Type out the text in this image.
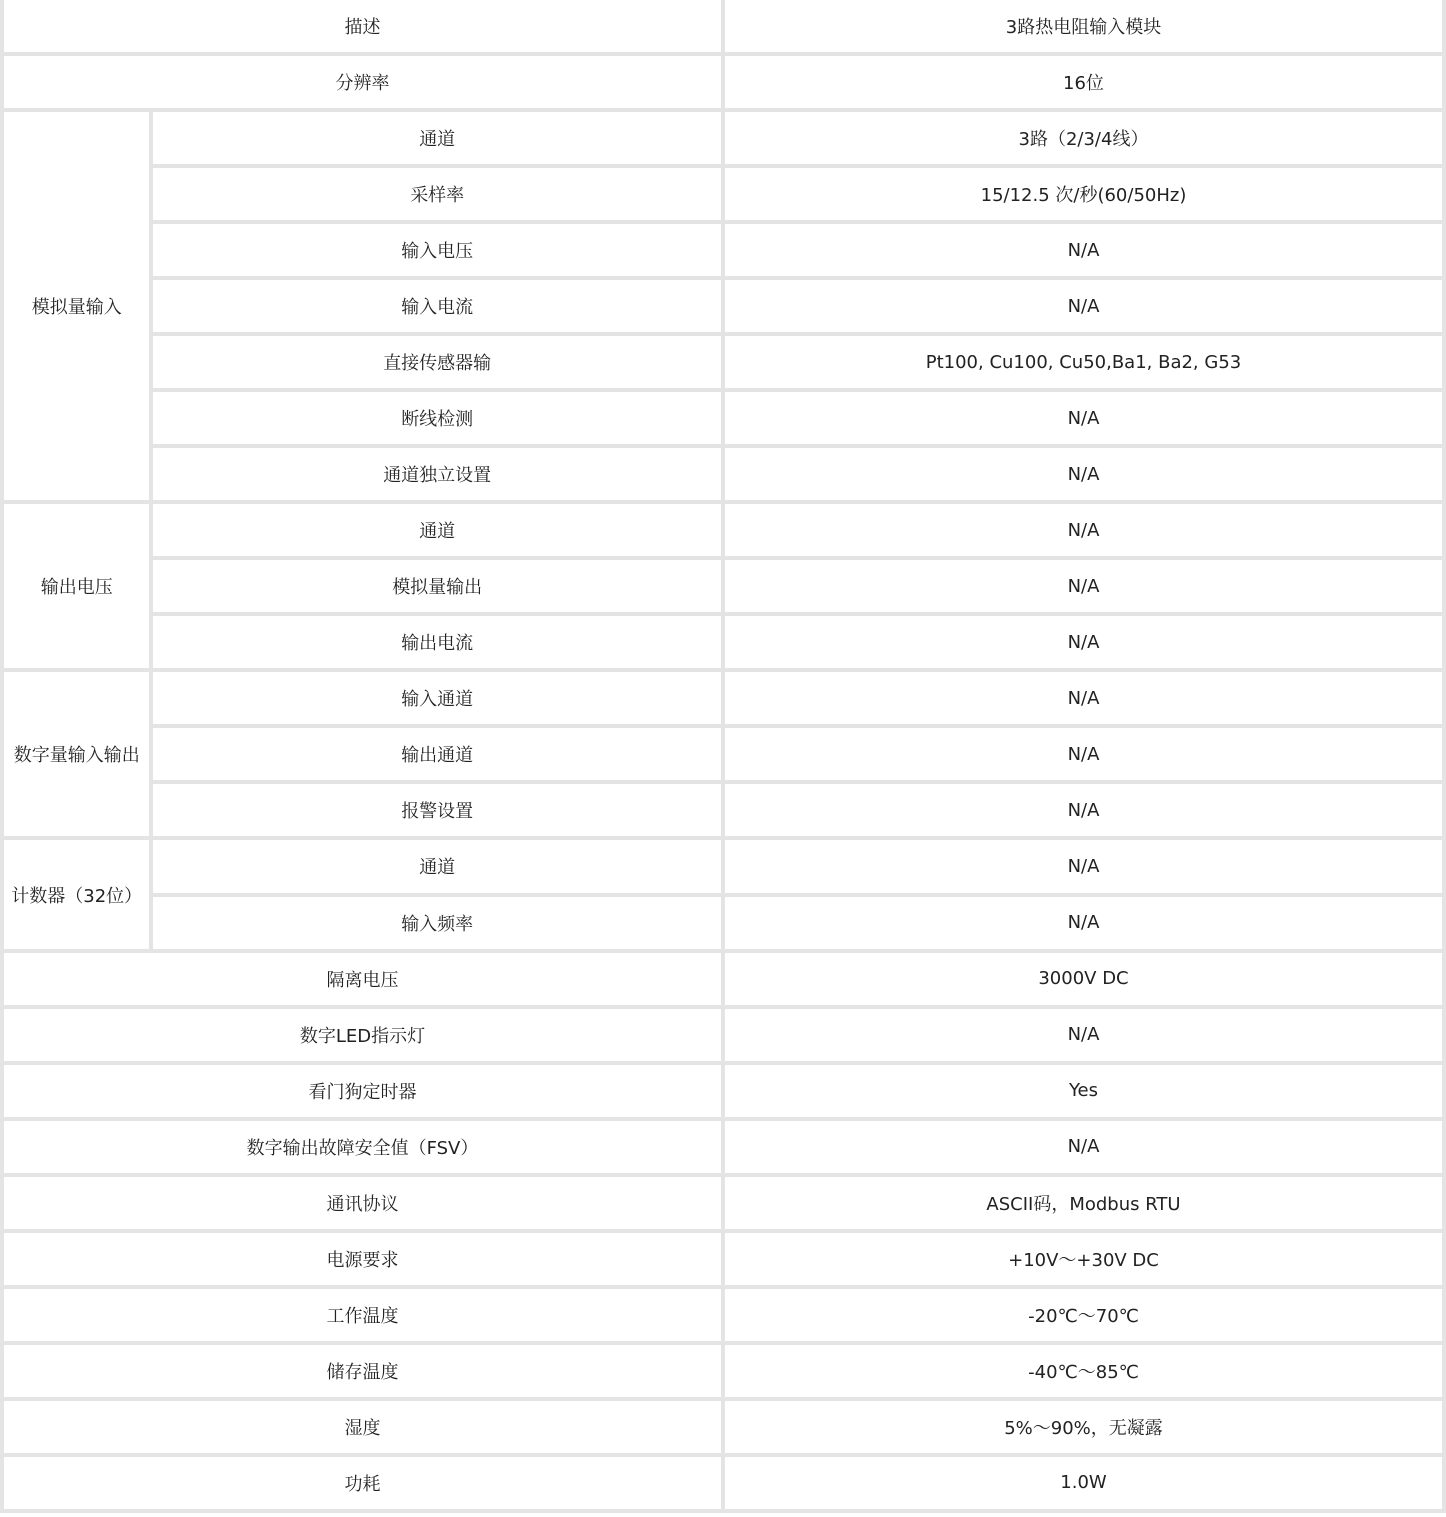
描述		3路热电阻输入模块
分辨率		16位
模拟量输入	通道	3路（2/3/4线）
	采样率	15/12.5 次/秒(60/50Hz)
	输入电压	N/A
	输入电流	N/A
	直接传感器输	Pt100, Cu100, Cu50,Ba1, Ba2, G53
	断线检测	N/A
	通道独立设置	N/A
输出电压	通道	N/A
	模拟量输出	N/A
	输出电流	N/A
数字量输入输出	输入通道	N/A
	输出通道	N/A
	报警设置	N/A
计数器（32位）	通道	N/A
	输入频率	N/A
隔离电压		3000V DC
数字LED指示灯		N/A
看门狗定时器		Yes
数字输出故障安全值（FSV）		N/A
通讯协议		ASCII码，Modbus RTU
电源要求		+10V～+30V DC
工作温度		-20℃～70℃
储存温度		-40℃～85℃
湿度		5%～90%，无凝露
功耗		1.0W
